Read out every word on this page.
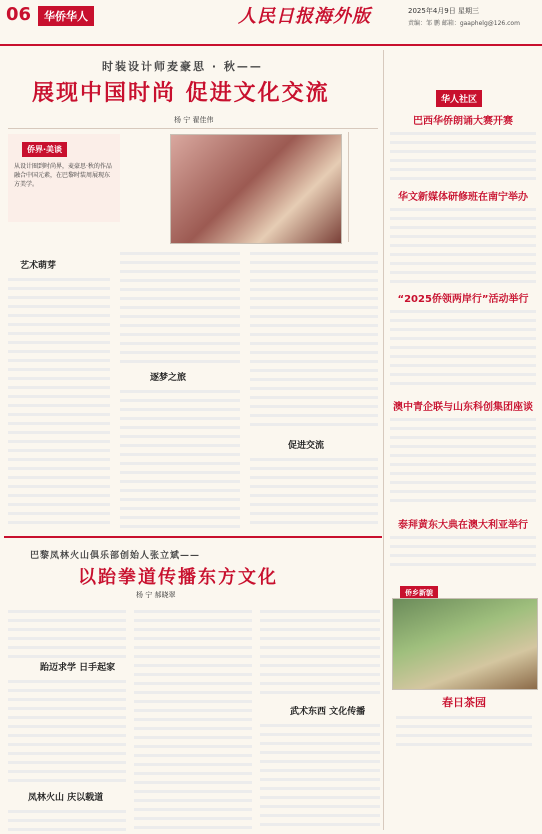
06	华侨华人	人民日报海外版	2025年4月9日 星期三
责编：邹 鹏 邮箱：gaaphelg@126.com
时装设计师麦豪思 · 秋——
展现中国时尚 促进文化交流
杨 宁 翟佳伟
侨界·美谈
从设计圈到时尚界，麦豪思·秋的作品融合中国元素，在巴黎时装周展现东方美学。
艺术萌芽
逐梦之旅
促进交流
华人社区
巴西华侨朗诵大赛开赛
华文新媒体研修班在南宁举办
“2025侨领两岸行”活动举行
澳中青企联与山东科创集团座谈
泰拜黄东大典在澳大利亚举行
巴黎凤林火山俱乐部创始人张立斌——
以跆拳道传播东方文化
杨 宁 郝晓翠
跆迈求学 日手起家
凤林火山 庆以载道
武术东西 文化传播
侨乡新貌
春日茶园
